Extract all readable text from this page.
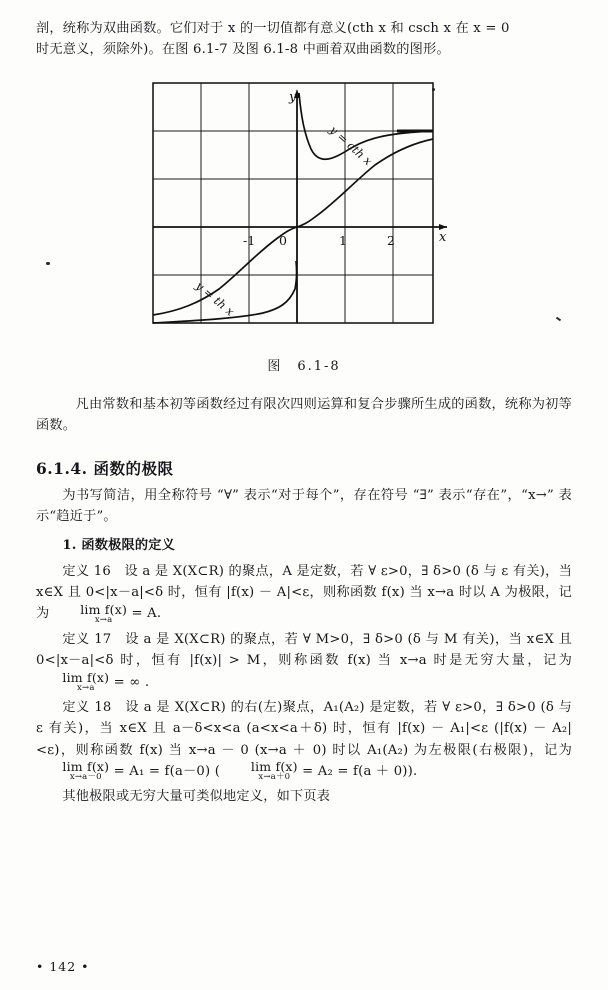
剖，统称为双曲函数。它们对于 x 的一切值都有意义(cth x 和 csch x 在 x = 0

时无意义，须除外)。在图 6.1-7 及图 6.1-8 中画着双曲函数的图形。

y
x
-1 0	1	2
y = cth x
y = th x
图　6.1-8

凡由常数和基本初等函数经过有限次四则运算和复合步骤所生成的函数，统称为初等函数。

6.1.4. 函数的极限

为书写简洁，用全称符号 “∀” 表示“对于每个”，存在符号 “∃” 表示“存在”，“x→” 表示“趋近于”。

1. 函数极限的定义

定义 16　设 a 是 X(X⊂R) 的聚点，A 是定数，若 ∀ ε>0，∃ δ>0 (δ 与 ε 有关)，当 x∈X 且 0<|x－a|<δ 时，恒有 |f(x) － A|<ε，则称函数 f(x) 当 x→a 时以 A 为极限，记为 lim f(x)
x→a	= A.

定义 17　设 a 是 X(X⊂R) 的聚点，若 ∀ M>0，∃ δ>0 (δ 与 M 有关)，当 x∈X 且 0<|x－a|<δ 时，恒有 |f(x)| > M，则称函数 f(x) 当 x→a 时是无穷大量，记为 lim f(x)
x→a	= ∞ .

定义 18　设 a 是 X(X⊂R) 的右(左)聚点，A₁(A₂) 是定数，若 ∀ ε>0，∃ δ>0 (δ 与 ε 有关)，当 x∈X 且 a－δ<x<a (a<x<a＋δ) 时，恒有 |f(x) － A₁|<ε (|f(x) － A₂|<ε)，则称函数 f(x) 当 x→a － 0 (x→a ＋ 0) 时以 A₁(A₂) 为左极限(右极限)，记为 lim f(x)
x→a－0 = A₁ = f(a－0) ( lim f(x)
x→a＋0 = A₂ = f(a ＋ 0)).

其他极限或无穷大量可类似地定义，如下页表

• 142 •
